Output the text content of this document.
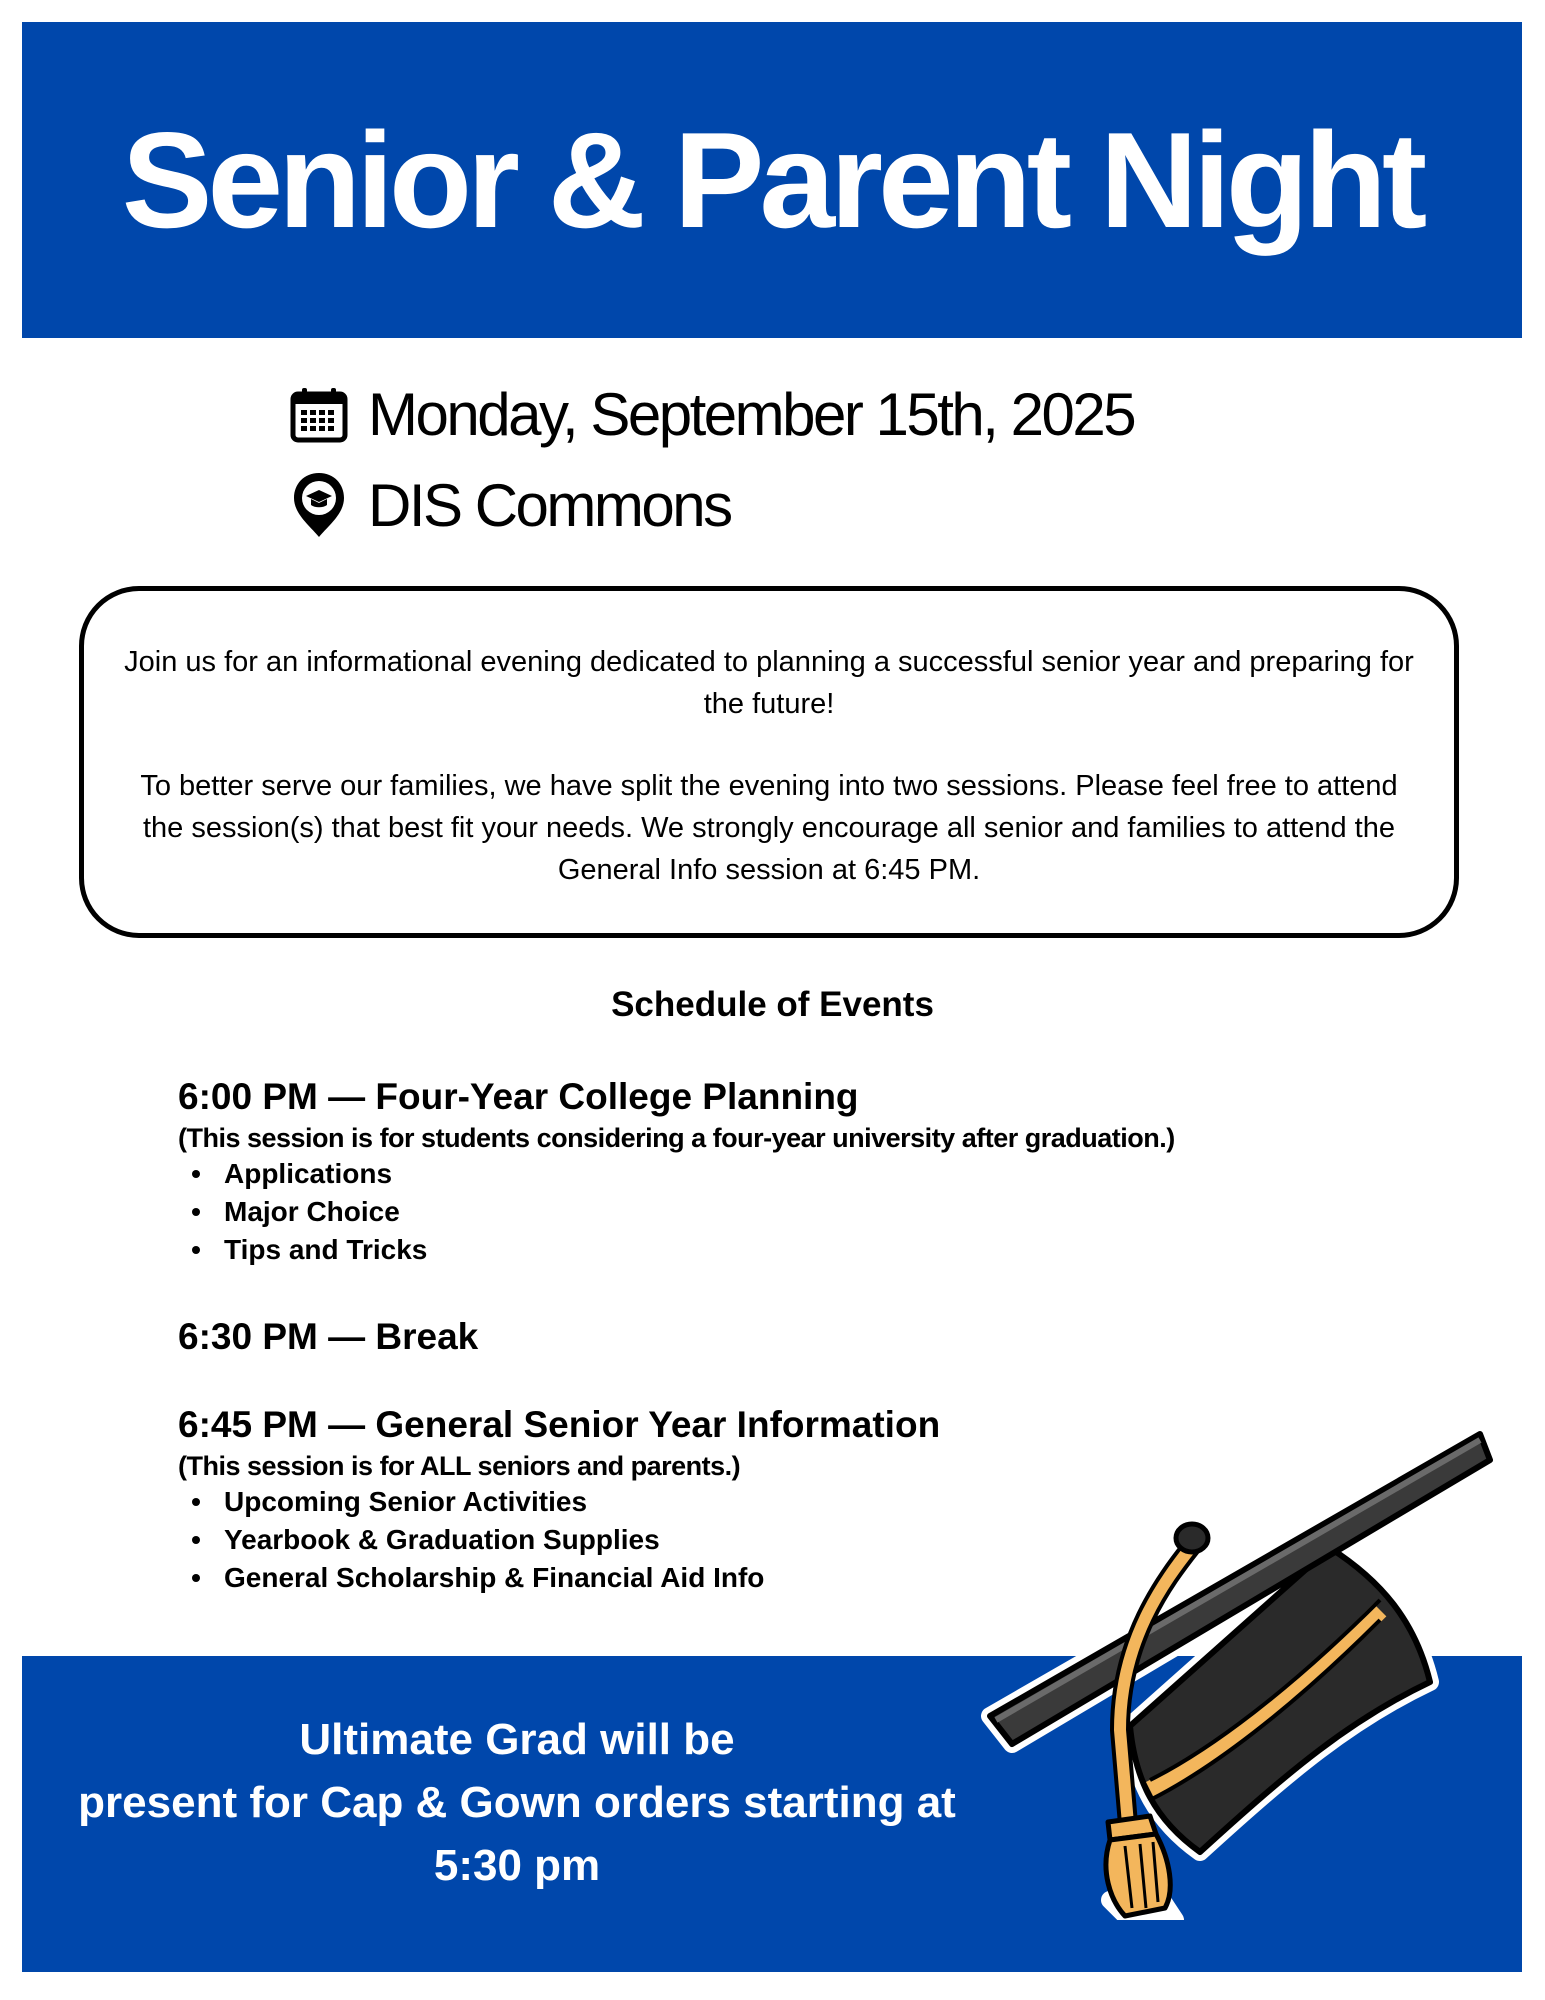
Senior & Parent Night
Monday, September 15th, 2025
DIS Commons

Join us for an informational evening dedicated to planning a successful senior year and preparing for the future!

To better serve our families, we have split the evening into two sessions. Please feel free to attend the session(s) that best fit your needs. We strongly encourage all senior and families to attend the General Info session at 6:45 PM.

Schedule of Events
6:00 PM — Four-Year College Planning
(This session is for students considering a four-year university after graduation.)
Applications
Major Choice
Tips and Tricks
6:30 PM — Break
6:45 PM — General Senior Year Information
(This session is for ALL seniors and parents.)
Upcoming Senior Activities
Yearbook & Graduation Supplies
General Scholarship & Financial Aid Info
Ultimate Grad will be
present for Cap & Gown orders starting at
5:30 pm
